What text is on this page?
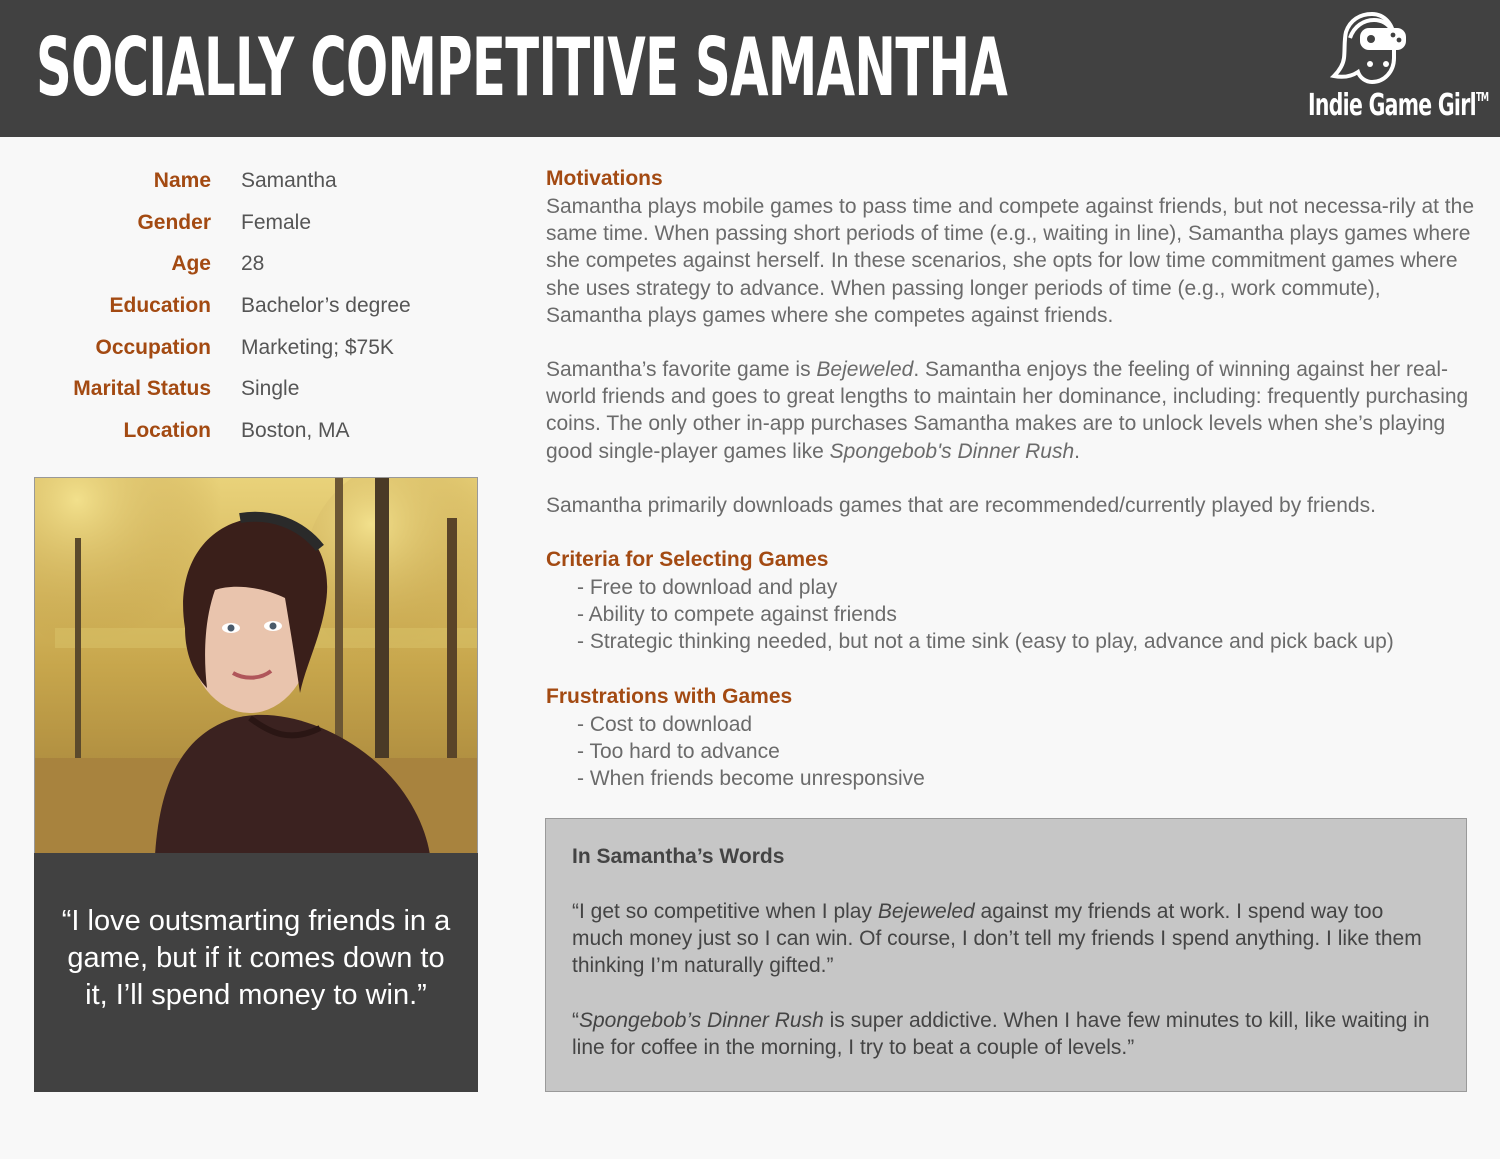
SOCIALLY COMPETITIVE SAMANTHA	Indie Game Girl™
Name Samantha
Gender Female
Age 28
Education Bachelor’s degree
Occupation Marketing; $75K
Marital Status Single
Location Boston, MA
“I love outsmarting friends in a game, but if it comes down to it, I’ll spend money to win.”
Motivations
Samantha plays mobile games to pass time and compete against friends, but not necessa-rily at the same time. When passing short periods of time (e.g., waiting in line), Samantha plays games where she competes against herself. In these scenarios, she opts for low time commitment games where she uses strategy to advance. When passing longer periods of time (e.g., work commute), Samantha plays games where she competes against friends.
Samantha’s favorite game is Bejeweled. Samantha enjoys the feeling of winning against her real-world friends and goes to great lengths to maintain her dominance, including: frequently purchasing coins. The only other in-app purchases Samantha makes are to unlock levels when she’s playing good single-player games like Spongebob's Dinner Rush.
Samantha primarily downloads games that are recommended/currently played by friends.
Criteria for Selecting Games
- Free to download and play
- Ability to compete against friends
- Strategic thinking needed, but not a time sink (easy to play, advance and pick back up)
Frustrations with Games
- Cost to download
- Too hard to advance
- When friends become unresponsive
In Samantha’s Words
“I get so competitive when I play Bejeweled against my friends at work. I spend way too much money just so I can win. Of course, I don’t tell my friends I spend anything. I like them thinking I’m naturally gifted.”
“Spongebob’s Dinner Rush is super addictive. When I have few minutes to kill, like waiting in line for coffee in the morning, I try to beat a couple of levels.”
